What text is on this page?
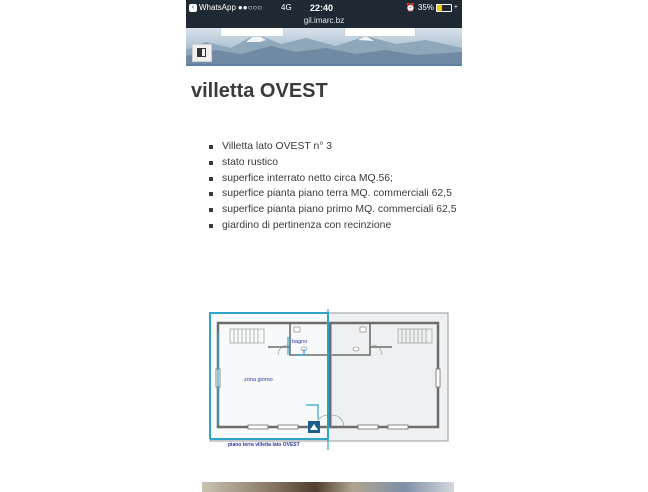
‹ WhatsApp ●●○○○ 4G 22:40	⏰ 35%	+
gil.imarc.bz
villetta OVEST
Villetta lato OVEST n° 3
stato rustico
superfice interrato netto circa MQ.56;
superfice pianta piano terra MQ. commerciali 62,5
superfice pianta piano primo MQ. commerciali 62,5
giardino di pertinenza con recinzione
bagno
zona giorno
piano terra villetta lato OVEST
